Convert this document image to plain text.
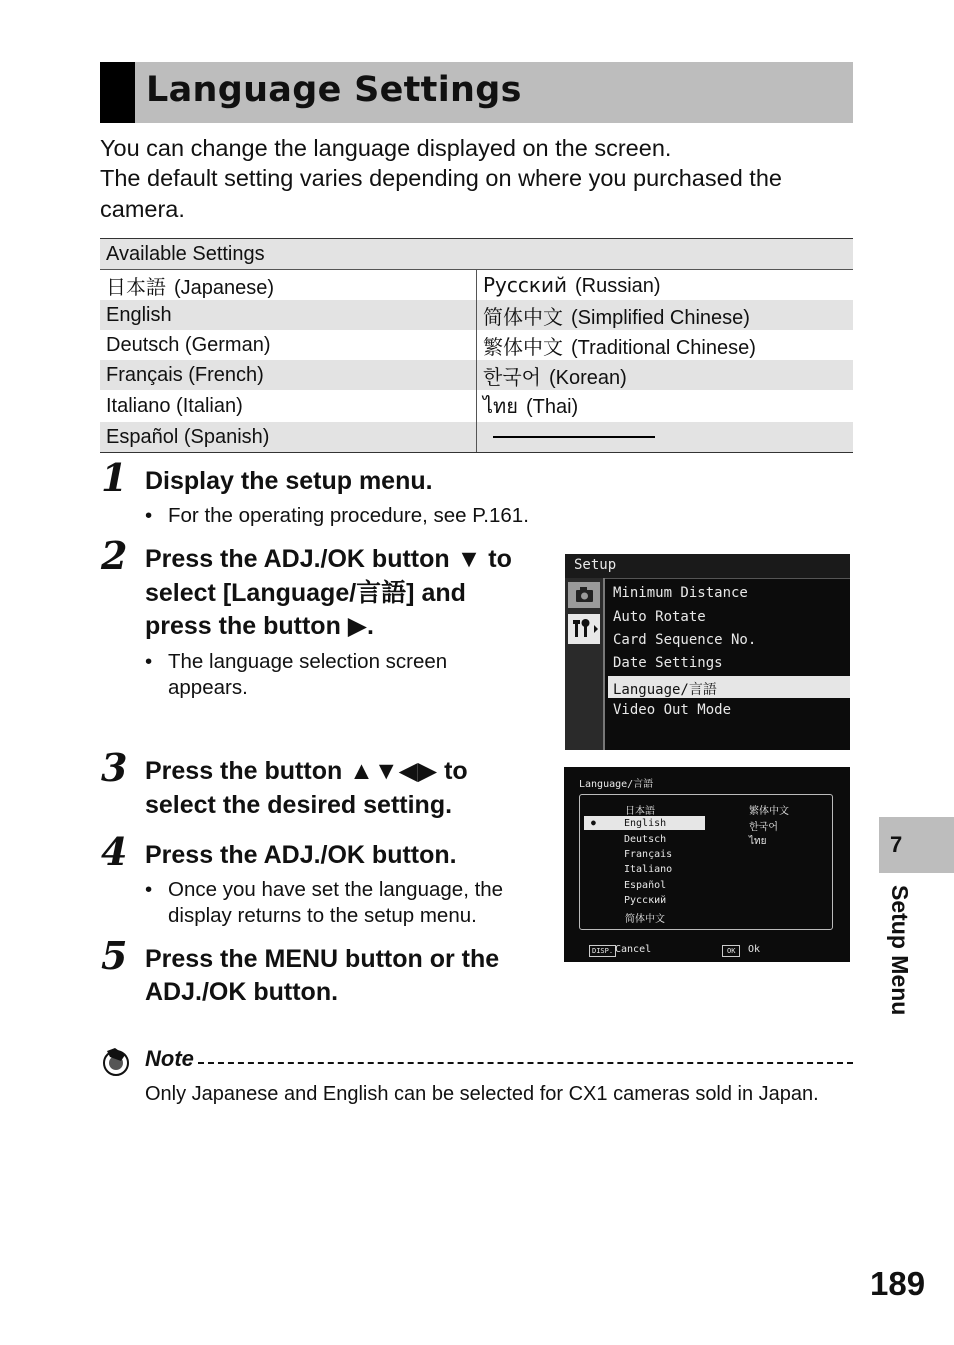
Language Settings
You can change the language displayed on the screen.
The default setting varies depending on where you purchased the
camera.
Available Settings	
日本語 (Japanese)	Русский (Russian)
English	简体中文 (Simplified Chinese)
Deutsch (German)	繁体中文 (Traditional Chinese)
Français (French)	한국어 (Korean)
Italiano (Italian)	ไทย (Thai)
Español (Spanish)	
1 Display the setup menu.
• For the operating procedure, see P.161.
2 Press the ADJ./OK button ▼ to
select [Language/言語] and
press the button ▶.
• The language selection screen
appears.
3 Press the button ▲▼◀▶ to
select the desired setting.
4 Press the ADJ./OK button.
• Once you have set the language, the
display returns to the setup menu.
5 Press the MENU button or the
ADJ./OK button.
Setup
Minimum Distance
Auto Rotate
Card Sequence No.
Date Settings
Language/言語
Video Out Mode
Language/言語
●
日本語
English
Deutsch
Français
Italiano
Español
Русский
简体中文
繁体中文
한국어
ไทย
DISP. Cancel	OK	Ok
7
Setup Menu
Note
Only Japanese and English can be selected for CX1 cameras sold in Japan.
189
